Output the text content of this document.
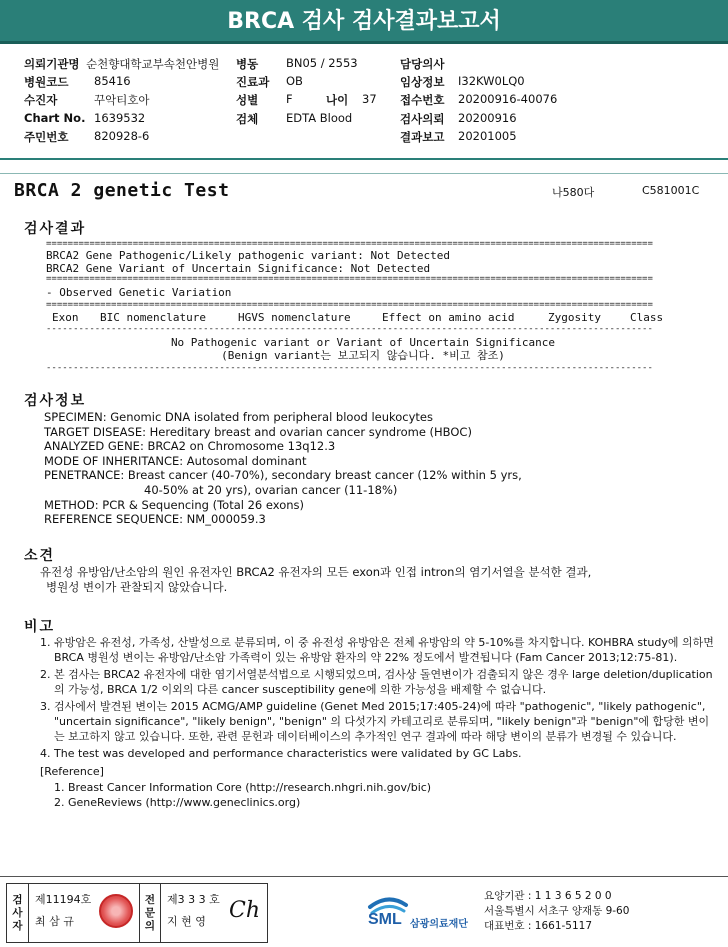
BRCA 검사 검사결과보고서
의뢰기관명 순천향대학교부속천안병원 병동 BN05 / 2553	담당의사
병원코드 85416	진료과 OB	임상정보 I32KW0LQ0
수진자	꾸악티호아	성별 F	나이 37 접수번호 20200916-40076
Chart No. 1639532	검체 EDTA Blood	검사의뢰 20200916
주민번호 820928-6	결과보고 20201005
BRCA 2 genetic Test	나580다	C581001C
검사결과
================================================================================================================
BRCA2 Gene Pathogenic/Likely pathogenic variant: Not Detected
BRCA2 Gene Variant of Uncertain Significance: Not Detected
================================================================================================================
- Observed Genetic Variation
================================================================================================================
Exon BIC nomenclature	HGVS nomenclature	Effect on amino acid	Zygosity	Class
----------------------------------------------------------------------------------------------------------------
No Pathogenic variant or Variant of Uncertain Significance
(Benign variant는 보고되지 않습니다. *비고 참조)
----------------------------------------------------------------------------------------------------------------
검사정보
SPECIMEN: Genomic DNA isolated from peripheral blood leukocytes
TARGET DISEASE: Hereditary breast and ovarian cancer syndrome (HBOC)
ANALYZED GENE: BRCA2 on Chromosome 13q12.3
MODE OF INHERITANCE: Autosomal dominant
PENETRANCE: Breast cancer (40-70%), secondary breast cancer (12% within 5 yrs,
40-50% at 20 yrs), ovarian cancer (11-18%)
METHOD: PCR & Sequencing (Total 26 exons)
REFERENCE SEQUENCE: NM_000059.3
소견
유전성 유방암/난소암의 원인 유전자인 BRCA2 유전자의 모든 exon과 인접 intron의 염기서열을 분석한 결과,
병원성 변이가 관찰되지 않았습니다.
비고
1. 유방암은 유전성, 가족성, 산발성으로 분류되며, 이 중 유전성 유방암은 전체 유방암의 약 5-10%를 차지합니다. KOHBRA study에 의하면 BRCA 병원성 변이는 유방암/난소암 가족력이 있는 유방암 환자의 약 22% 정도에서 발견됩니다 (Fam Cancer 2013;12:75-81).
2. 본 검사는 BRCA2 유전자에 대한 염기서열분석법으로 시행되었으며, 검사상 돌연변이가 검출되지 않은 경우 large deletion/duplication의 가능성, BRCA 1/2 이외의 다른 cancer susceptibility gene에 의한 가능성을 배제할 수 없습니다.
3. 검사에서 발견된 변이는 2015 ACMG/AMP guideline (Genet Med 2015;17:405-24)에 따라 "pathogenic", "likely pathogenic", "uncertain significance", "likely benign", "benign" 의 다섯가지 카테고리로 분류되며, "likely benign"과 "benign"에 합당한 변이는 보고하지 않고 있습니다. 또한, 관련 문헌과 데이터베이스의 추가적인 연구 결과에 따라 해당 변이의 분류가 변경될 수 있습니다.
4. The test was developed and performance characteristics were validated by GC Labs.
[Reference]
1. Breast Cancer Information Core (http://research.nhgri.nih.gov/bic)
2. GeneReviews (http://www.geneclinics.org)
검
사
자
제11194호
최 삼 규
전
문
의
제3 3 3 호
지 현 영 Ch	SML 삼광의료재단
요양기관 : 1 1 3 6 5 2 0 0
서울특별시 서초구 양재동 9-60
대표번호 : 1661-5117
